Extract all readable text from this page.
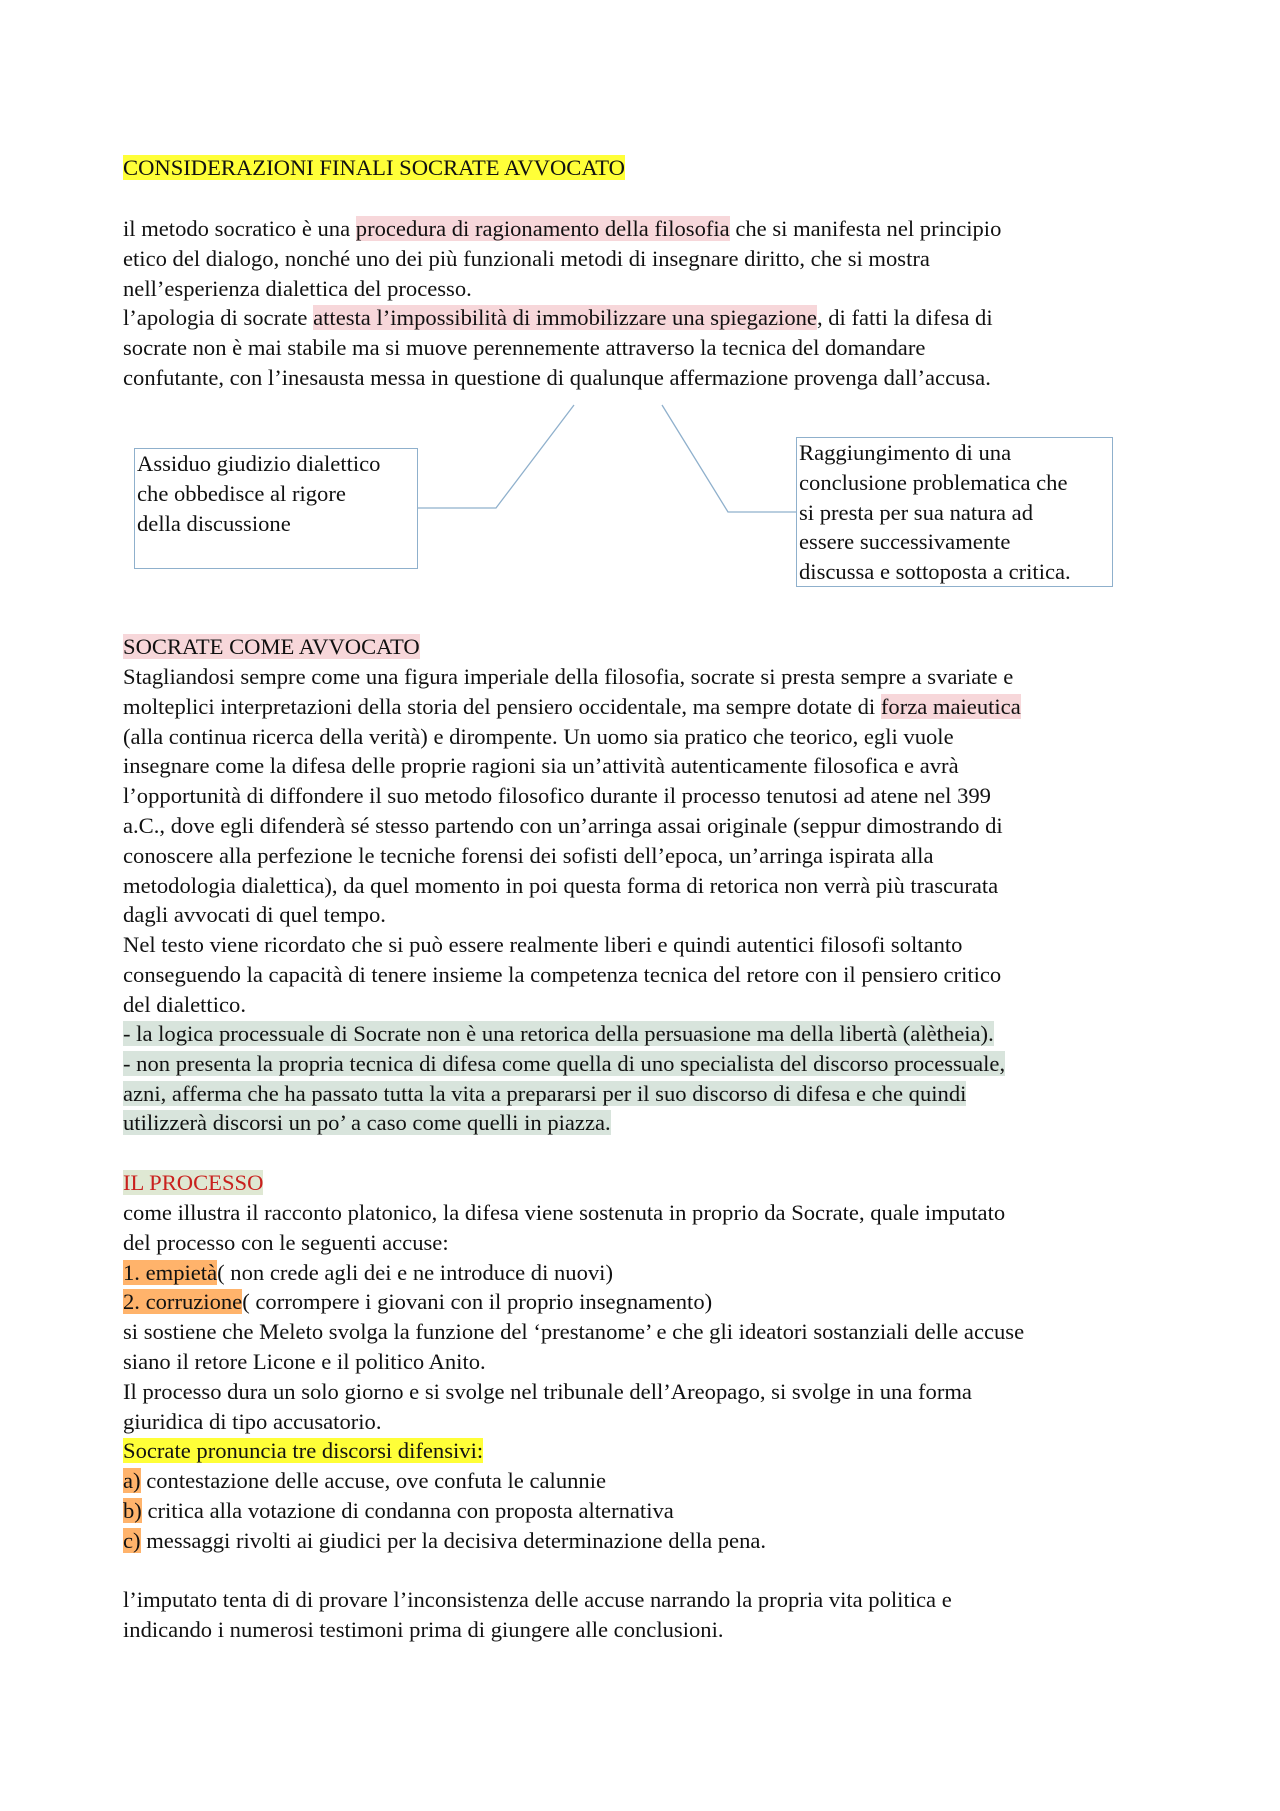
CONSIDERAZIONI FINALI SOCRATE AVVOCATO

il metodo socratico è una procedura di ragionamento della filosofia che si manifesta nel principio
etico del dialogo, nonché uno dei più funzionali metodi di insegnare diritto, che si mostra
nell’esperienza dialettica del processo.

l’apologia di socrate attesta l’impossibilità di immobilizzare una spiegazione, di fatti la difesa di
socrate non è mai stabile ma si muove perennemente attraverso la tecnica del domandare
confutante, con l’inesausta messa in questione di qualunque affermazione provenga dall’accusa.

Assiduo giudizio dialettico
che obbedisce al rigore
della discussione
Raggiungimento di una
conclusione problematica che
si presta per sua natura ad
essere successivamente
discussa e sottoposta a critica.

SOCRATE COME AVVOCATO

Stagliandosi sempre come una figura imperiale della filosofia, socrate si presta sempre a svariate e
molteplici interpretazioni della storia del pensiero occidentale, ma sempre dotate di forza maieutica
(alla continua ricerca della verità) e dirompente. Un uomo sia pratico che teorico, egli vuole
insegnare come la difesa delle proprie ragioni sia un’attività autenticamente filosofica e avrà
l’opportunità di diffondere il suo metodo filosofico durante il processo tenutosi ad atene nel 399
a.C., dove egli difenderà sé stesso partendo con un’arringa assai originale (seppur dimostrando di
conoscere alla perfezione le tecniche forensi dei sofisti dell’epoca, un’arringa ispirata alla
metodologia dialettica), da quel momento in poi questa forma di retorica non verrà più trascurata
dagli avvocati di quel tempo.

Nel testo viene ricordato che si può essere realmente liberi e quindi autentici filosofi soltanto
conseguendo la capacità di tenere insieme la competenza tecnica del retore con il pensiero critico
del dialettico.

- la logica processuale di Socrate non è una retorica della persuasione ma della libertà (alètheia).
- non presenta la propria tecnica di difesa come quella di uno specialista del discorso processuale,
azni, afferma che ha passato tutta la vita a prepararsi per il suo discorso di difesa e che quindi
utilizzerà discorsi un po’ a caso come quelli in piazza.

IL PROCESSO

come illustra il racconto platonico, la difesa viene sostenuta in proprio da Socrate, quale imputato
del processo con le seguenti accuse:
1. empietà( non crede agli dei e ne introduce di nuovi)
2. corruzione( corrompere i giovani con il proprio insegnamento)
si sostiene che Meleto svolga la funzione del ‘prestanome’ e che gli ideatori sostanziali delle accuse
siano il retore Licone e il politico Anito.
Il processo dura un solo giorno e si svolge nel tribunale dell’Areopago, si svolge in una forma
giuridica di tipo accusatorio.
Socrate pronuncia tre discorsi difensivi:
a) contestazione delle accuse, ove confuta le calunnie
b) critica alla votazione di condanna con proposta alternativa
c) messaggi rivolti ai giudici per la decisiva determinazione della pena.

l’imputato tenta di di provare l’inconsistenza delle accuse narrando la propria vita politica e
indicando i numerosi testimoni prima di giungere alle conclusioni.
